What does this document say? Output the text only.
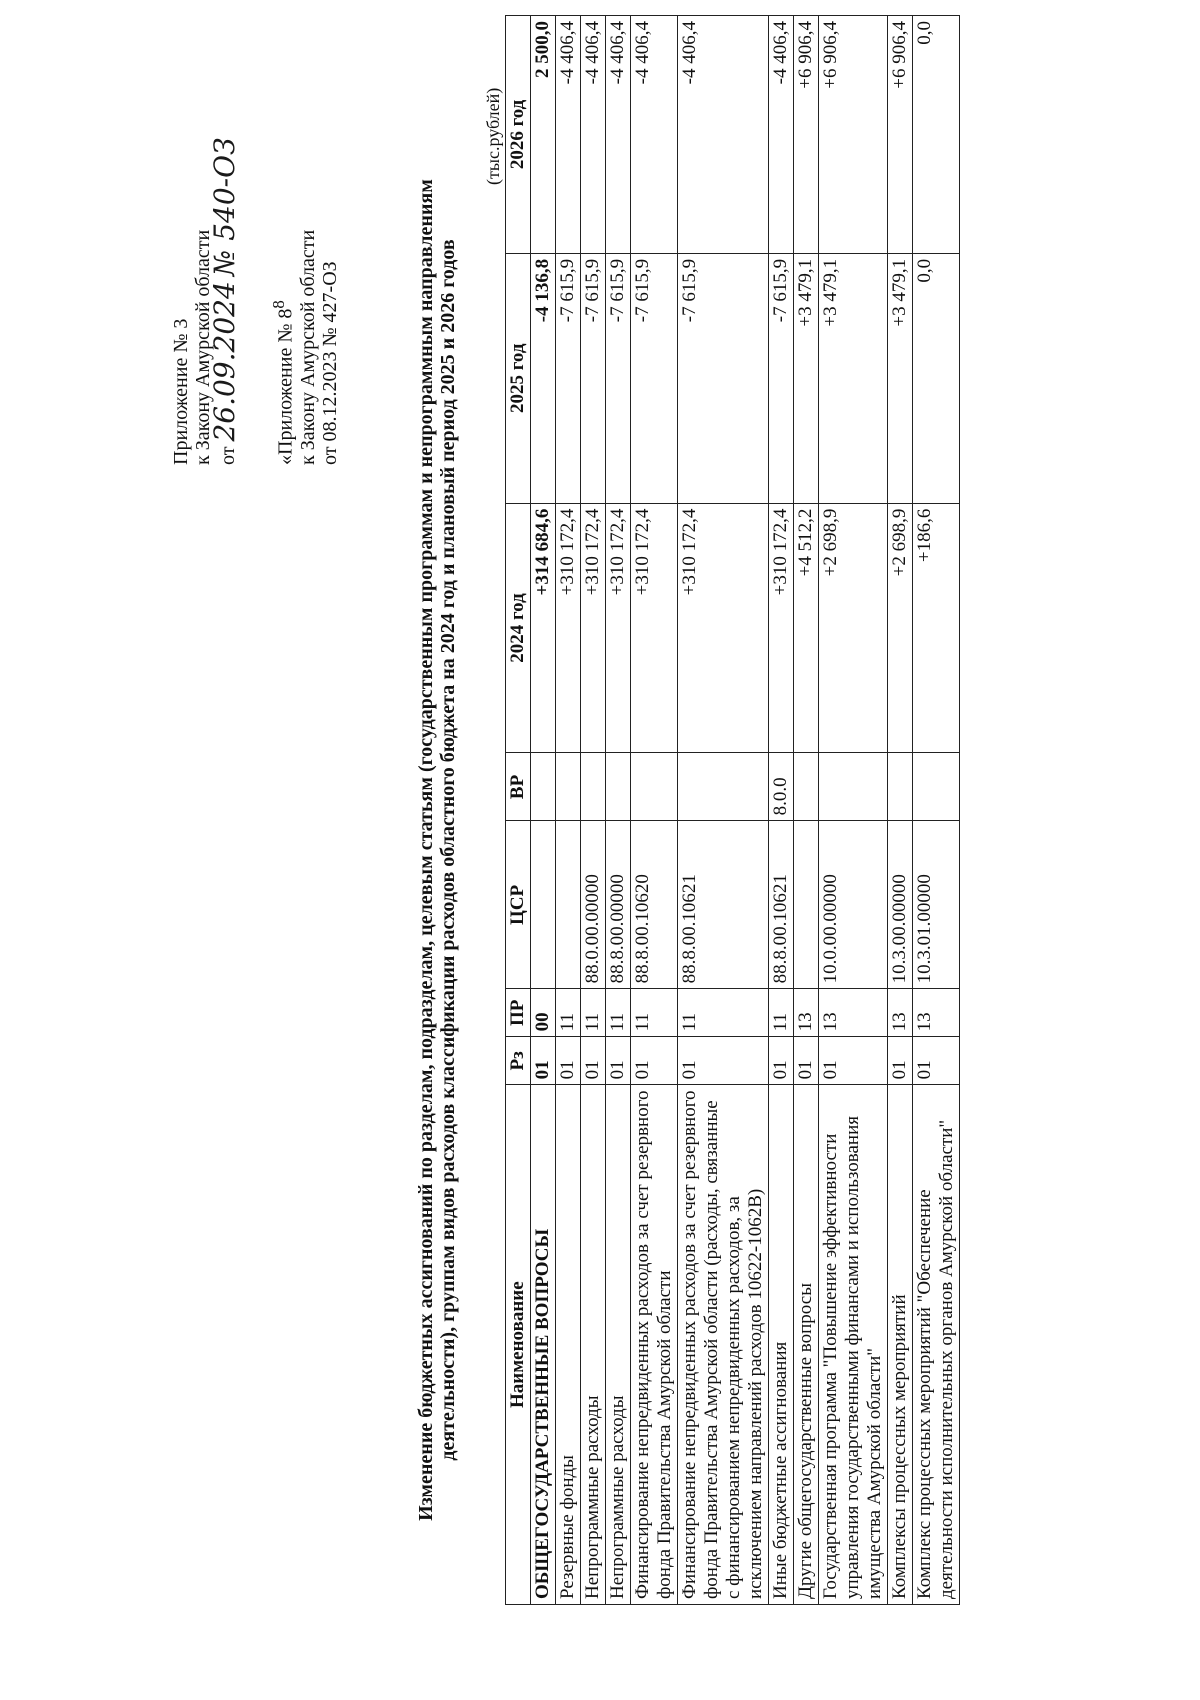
Приложение № 3 к Закону Амурской области от 26.09.2024 № 540-ОЗ
«Приложение № $8^8$ к Закону Амурской области от 08.12.2023 № 427-ОЗ	Изменение бюджетных ассигнований по разделам, подразделам, целевым статьям (государственным программам и непрограммным направлениям деятельности), группам видов расходов классификации расходов областного бюджета на 2024 год и плановый период 2025 и 2026 годов
(тыс.рублей)
Наименование	Рз	ПР	ЦСР	ВР	2024 год	2025 год	2026 год
ОБЩЕГОСУДАРСТВЕННЫЕ ВОПРОСЫ	01	00			+314 684,6	-4 136,8	2 500,0
Резервные фонды	01	11			+310 172,4	-7 615,9	-4 406,4
Непрограммные расходы	01	11	88.0.00.00000		+310 172,4	-7 615,9	-4 406,4
Непрограммные расходы	01	11	88.8.00.00000		+310 172,4	-7 615,9	-4 406,4
Финансирование непредвиденных расходов за счет резервного фонда Правительства Амурской области	01	11	88.8.00.10620		+310 172,4	-7 615,9	-4 406,4
Финансирование непредвиденных расходов за счет резервного фонда Правительства Амурской области (расходы, связанные с финансированием непредвиденных расходов, за исключением направлений расходов 10622-1062В)	01	11	88.8.00.10621		+310 172,4	-7 615,9	-4 406,4
Иные бюджетные ассигнования	01	11	88.8.00.10621	8.0.0	+310 172,4	-7 615,9	-4 406,4
Другие общегосударственные вопросы	01	13			+4 512,2	+3 479,1	+6 906,4
Государственная программа "Повышение эффективности управления государственными финансами и использования имущества Амурской области"	01	13	10.0.00.00000		+2 698,9	+3 479,1	+6 906,4
Комплексы процессных мероприятий	01	13	10.3.00.00000		+2 698,9	+3 479,1	+6 906,4
Комплекс процессных мероприятий "Обеспечение деятельности исполнительных органов Амурской области"	01	13	10.3.01.00000		+186,6	0,0	0,0
